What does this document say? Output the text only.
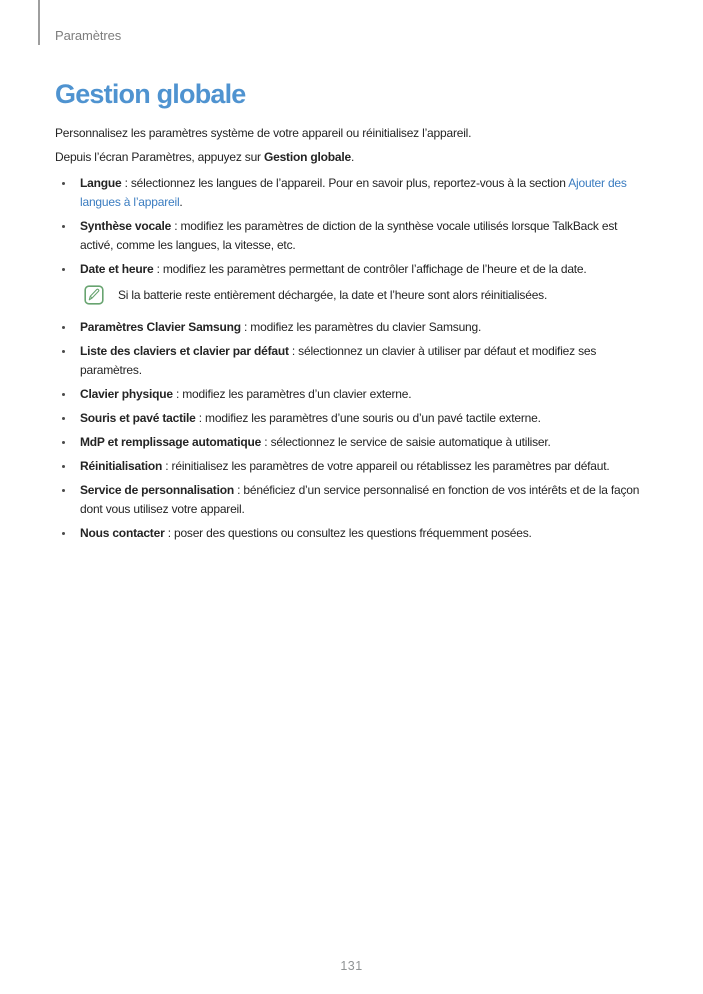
Paramètres
Gestion globale

Personnalisez les paramètres système de votre appareil ou réinitialisez l’appareil.

Depuis l’écran Paramètres, appuyez sur Gestion globale.

Langue : sélectionnez les langues de l’appareil. Pour en savoir plus, reportez-vous à la section Ajouter des langues à l’appareil.

Synthèse vocale : modifiez les paramètres de diction de la synthèse vocale utilisés lorsque TalkBack est activé, comme les langues, la vitesse, etc.

Date et heure : modifiez les paramètres permettant de contrôler l’affichage de l’heure et de la date.

Si la batterie reste entièrement déchargée, la date et l’heure sont alors réinitialisées.

Paramètres Clavier Samsung : modifiez les paramètres du clavier Samsung.

Liste des claviers et clavier par défaut : sélectionnez un clavier à utiliser par défaut et modifiez ses paramètres.

Clavier physique : modifiez les paramètres d’un clavier externe.

Souris et pavé tactile : modifiez les paramètres d’une souris ou d’un pavé tactile externe.

MdP et remplissage automatique : sélectionnez le service de saisie automatique à utiliser.

Réinitialisation : réinitialisez les paramètres de votre appareil ou rétablissez les paramètres par défaut.

Service de personnalisation : bénéficiez d’un service personnalisé en fonction de vos intérêts et de la façon dont vous utilisez votre appareil.

Nous contacter : poser des questions ou consultez les questions fréquemment posées.

131
